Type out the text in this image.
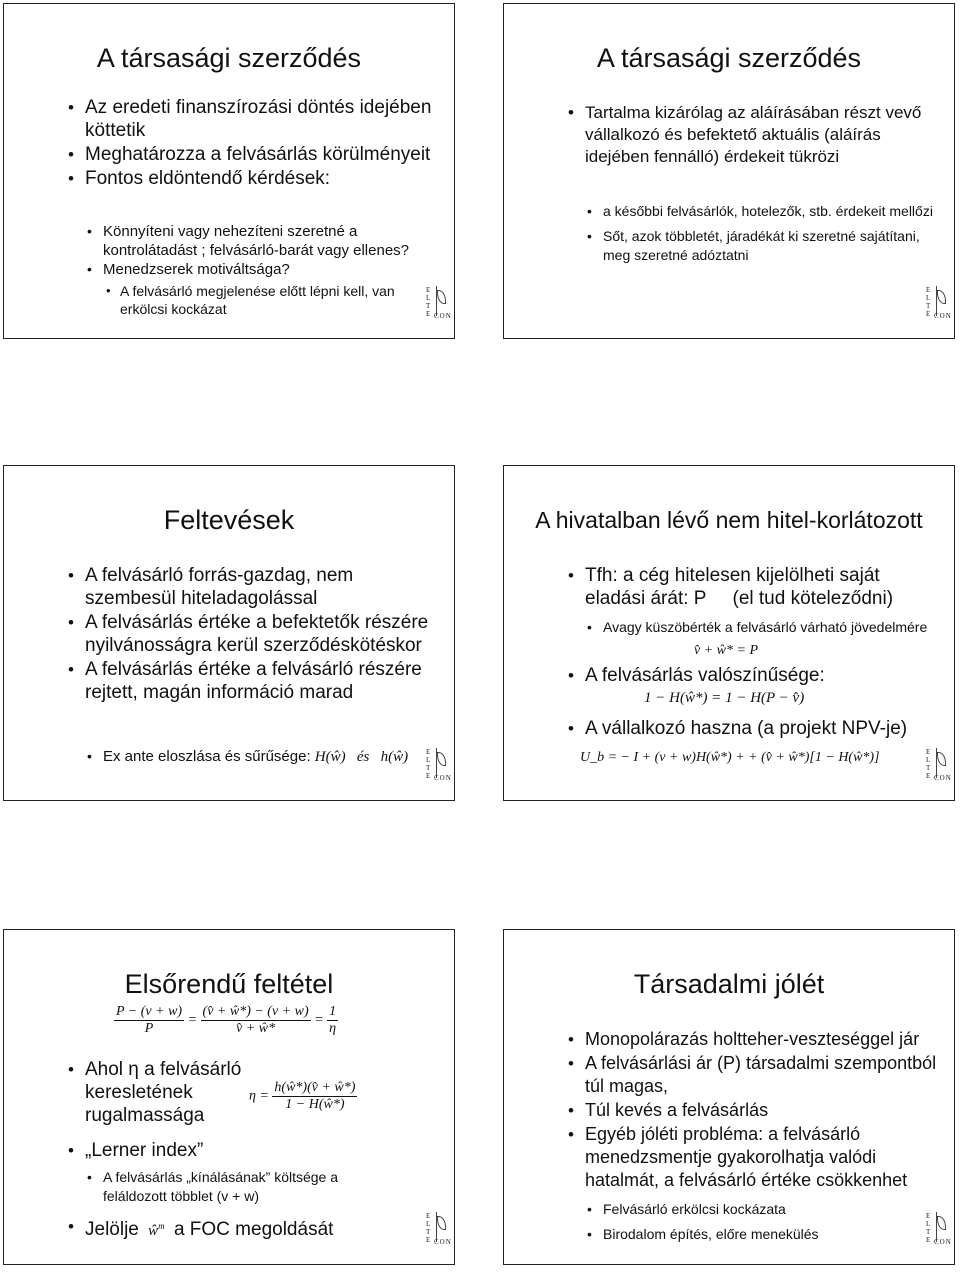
A társasági szerződés
• Az eredeti finanszírozási döntés idejében köttetik
• Meghatározza a felvásárlás körülményeit
• Fontos eldöntendő kérdések:
• Könnyíteni vagy nehezíteni szeretné a kontrolátadást ; felvásárló-barát vagy ellenes?
• Menedzserek motiváltsága?
• A felvásárló megjelenése előtt lépni kell, van erkölcsi kockázat
E
L
T
E CON
A társasági szerződés
• Tartalma kizárólag az aláírásában részt vevő vállalkozó és befektető aktuális (aláírás idejében fennálló) érdekeit tükrözi
• a későbbi felvásárlók, hotelezők, stb. érdekeit mellőzi
• Sőt, azok többletét, járadékát ki szeretné sajátítani, meg szeretné adóztatni
E
L
T
E CON
Feltevések
• A felvásárló forrás-gazdag, nem szembesül hiteladagolással
• A felvásárlás értéke a befektetők részére nyilvánosságra kerül szerződéskötéskor
• A felvásárlás értéke a felvásárló részére rejtett, magán információ marad
• Ex ante eloszlása és sűrűsége: H(ŵ)   és   h(ŵ)	E
L
T
E CON
A hivatalban lévő nem hitel-korlátozott
• Tfh: a cég hitelesen kijelölheti saját eladási árát: P     (el tud köteleződni)
• Avagy küszöbérték a felvásárló várható jövedelmére
v̂ + ŵ* = P
• A felvásárlás valószínűsége:
1 − H(ŵ*) = 1 − H(P − v̂)
• A vállalkozó haszna (a projekt NPV-je)
U_b = − I + (v + w)H(ŵ*) + + (v̂ + ŵ*)[1 − H(ŵ*)]	E
L
T
E CON
Elsőrendű feltétel
$\frac{P - (v + w)}{P} = \frac{(v̂ + ŵ*) - (v + w)}{v̂ + ŵ*} = \frac{1}{\eta}$
• Ahol η a felvásárló keresletének rugalmassága
$\eta = \frac{h(ŵ*)(v̂ + ŵ*)}{1 - H(ŵ*)}$
• „Lerner index”
• A felvásárlás „kínálásának” költsége a feláldozott többlet (v + w)
• Jelölje $ŵ^m$ a FOC megoldását
E
L
T
E CON
Társadalmi jólét
• Monopolárazás holtteher-veszteséggel jár
• A felvásárlási ár (P) társadalmi szempontból túl magas,
• Túl kevés a felvásárlás
• Egyéb jóléti probléma: a felvásárló menedzsmentje gyakorolhatja valódi hatalmát, a felvásárló értéke csökkenhet
• Felvásárló erkölcsi kockázata
• Birodalom építés, előre menekülés
E
L
T
E CON
